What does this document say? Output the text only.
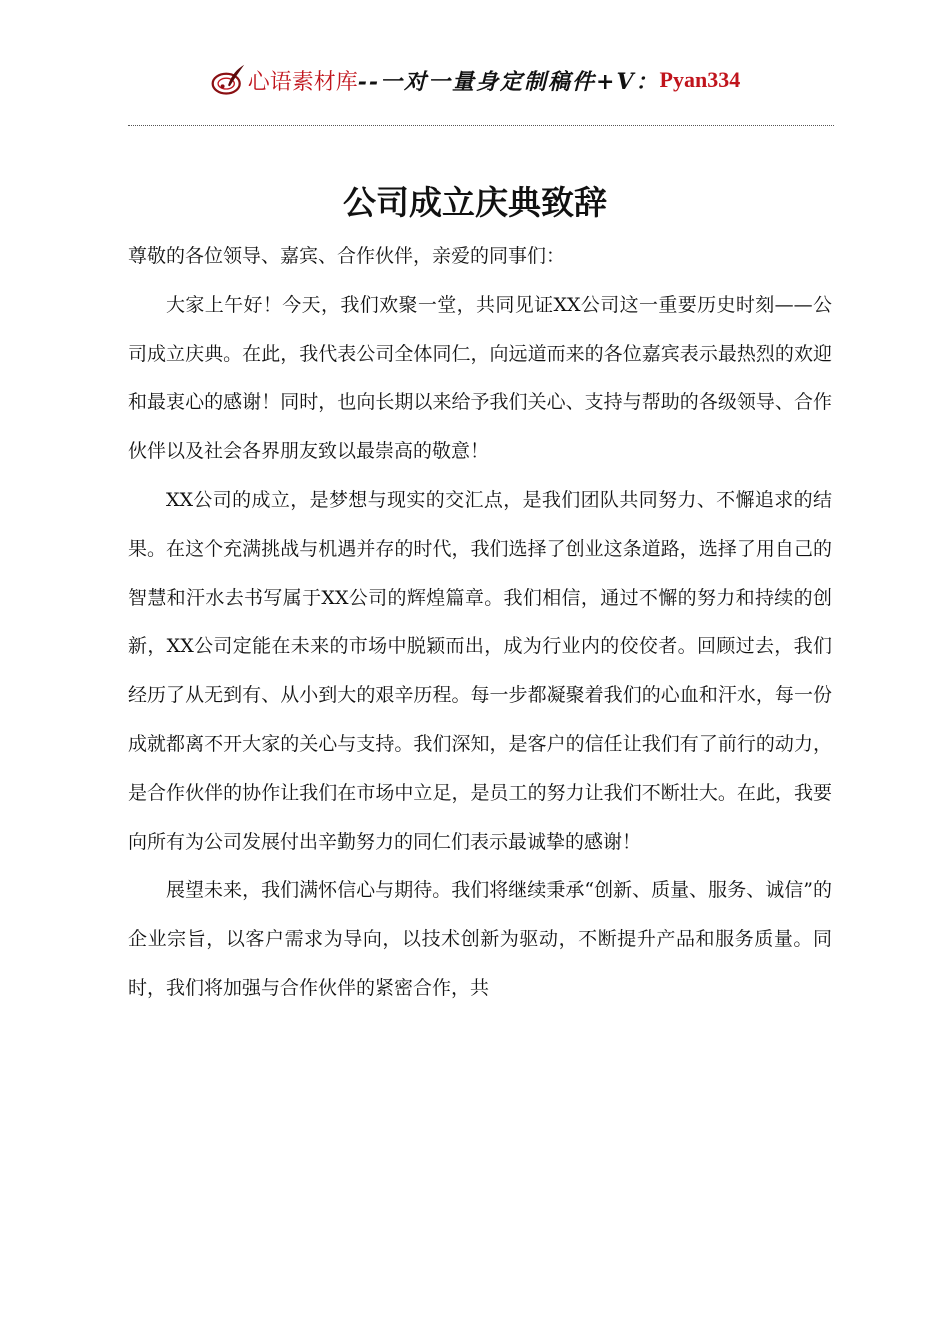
心语素材库 --一对一量身定制稿件+V： Pyan334
公司成立庆典致辞

尊敬的各位领导、嘉宾、合作伙伴，亲爱的同事们：

大家上午好！今天，我们欢聚一堂，共同见证XX公司这一重要历史时刻——公司成立庆典。在此，我代表公司全体同仁，向远道而来的各位嘉宾表示最热烈的欢迎和最衷心的感谢！同时，也向长期以来给予我们关心、支持与帮助的各级领导、合作伙伴以及社会各界朋友致以最崇高的敬意！

XX公司的成立，是梦想与现实的交汇点，是我们团队共同努力、不懈追求的结果。在这个充满挑战与机遇并存的时代，我们选择了创业这条道路，选择了用自己的智慧和汗水去书写属于XX公司的辉煌篇章。我们相信，通过不懈的努力和持续的创新，XX公司定能在未来的市场中脱颖而出，成为行业内的佼佼者。回顾过去，我们经历了从无到有、从小到大的艰辛历程。每一步都凝聚着我们的心血和汗水，每一份成就都离不开大家的关心与支持。我们深知，是客户的信任让我们有了前行的动力，是合作伙伴的协作让我们在市场中立足，是员工的努力让我们不断壮大。在此，我要向所有为公司发展付出辛勤努力的同仁们表示最诚挚的感谢！

展望未来，我们满怀信心与期待。我们将继续秉承“创新、质量、服务、诚信”的企业宗旨，以客户需求为导向，以技术创新为驱动，不断提升产品和服务质量。同时，我们将加强与合作伙伴的紧密合作，共
